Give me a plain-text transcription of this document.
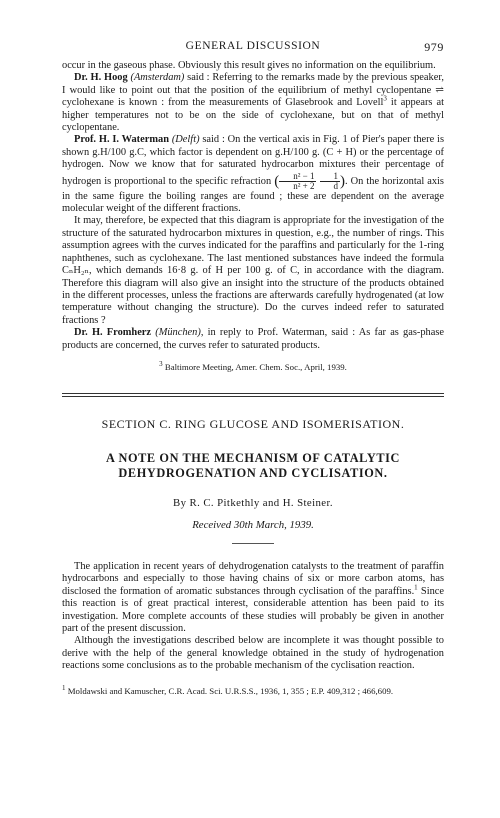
GENERAL DISCUSSION	979

occur in the gaseous phase. Obviously this result gives no information on the equilibrium.

Dr. H. Hoog (Amsterdam) said : Referring to the remarks made by the previous speaker, I would like to point out that the position of the equilibrium of methyl cyclopentane ⇌ cyclohexane is known : from the measurements of Glasebrook and Lovell$^3$ it appears at higher temperatures not to be on the side of cyclohexane, but on that of methyl cyclopentane.

Prof. H. I. Waterman (Delft) said : On the vertical axis in Fig. 1 of Pier's paper there is shown g.H/100 g.C, which factor is dependent on g.H/100 g. (C + H) or the percentage of hydrogen. Now we know that for saturated hydrocarbon mixtures their percentage of hydrogen is proportional to the specific refraction ( $\frac{\text{n² − 1}}{\text{n² + 2}}$
$\frac{1}{d}$ ). On the horizontal axis in the same figure the boiling ranges are found ; these are dependent on the average molecular weight of the different fractions.

It may, therefore, be expected that this diagram is appropriate for the investigation of the structure of the saturated hydrocarbon mixtures in question, e.g., the number of rings. This assumption agrees with the curves indicated for the paraffins and particularly for the 1-ring naphthenes, such as cyclohexane. The last mentioned substances have indeed the formula CₙH₂ₙ, which demands 16·8 g. of H per 100 g. of C, in accordance with the diagram. Therefore this diagram will also give an insight into the structure of the products obtained in the different processes, unless the fractions are afterwards carefully hydrogenated (at low temperature without changing the structure). Do the curves indeed refer to saturated fractions ?

Dr. H. Fromherz (München), in reply to Prof. Waterman, said : As far as gas-phase products are concerned, the curves refer to saturated products.

$^3$ Baltimore Meeting, Amer. Chem. Soc., April, 1939.
SECTION C. RING GLUCOSE AND ISOMERISATION.
A NOTE ON THE MECHANISM OF CATALYTIC
DEHYDROGENATION AND CYCLISATION.
By R. C. Pitkethly and H. Steiner.
Received 30th March, 1939.

The application in recent years of dehydrogenation catalysts to the treatment of paraffin hydrocarbons and especially to those having chains of six or more carbon atoms, has disclosed the formation of aromatic substances through cyclisation of the paraffins.$^1$ Since this reaction is of great practical interest, considerable attention has been paid to its investigation. More complete accounts of these studies will probably be given in another part of the present discussion.

Although the investigations described below are incomplete it was thought possible to derive with the help of the general knowledge obtained in the study of hydrogenation reactions some conclusions as to the probable mechanism of the cyclisation reaction.

$^1$ Moldawski and Kamuscher, C.R. Acad. Sci. U.R.S.S., 1936, 1, 355 ; E.P. 409,312 ; 466,609.
